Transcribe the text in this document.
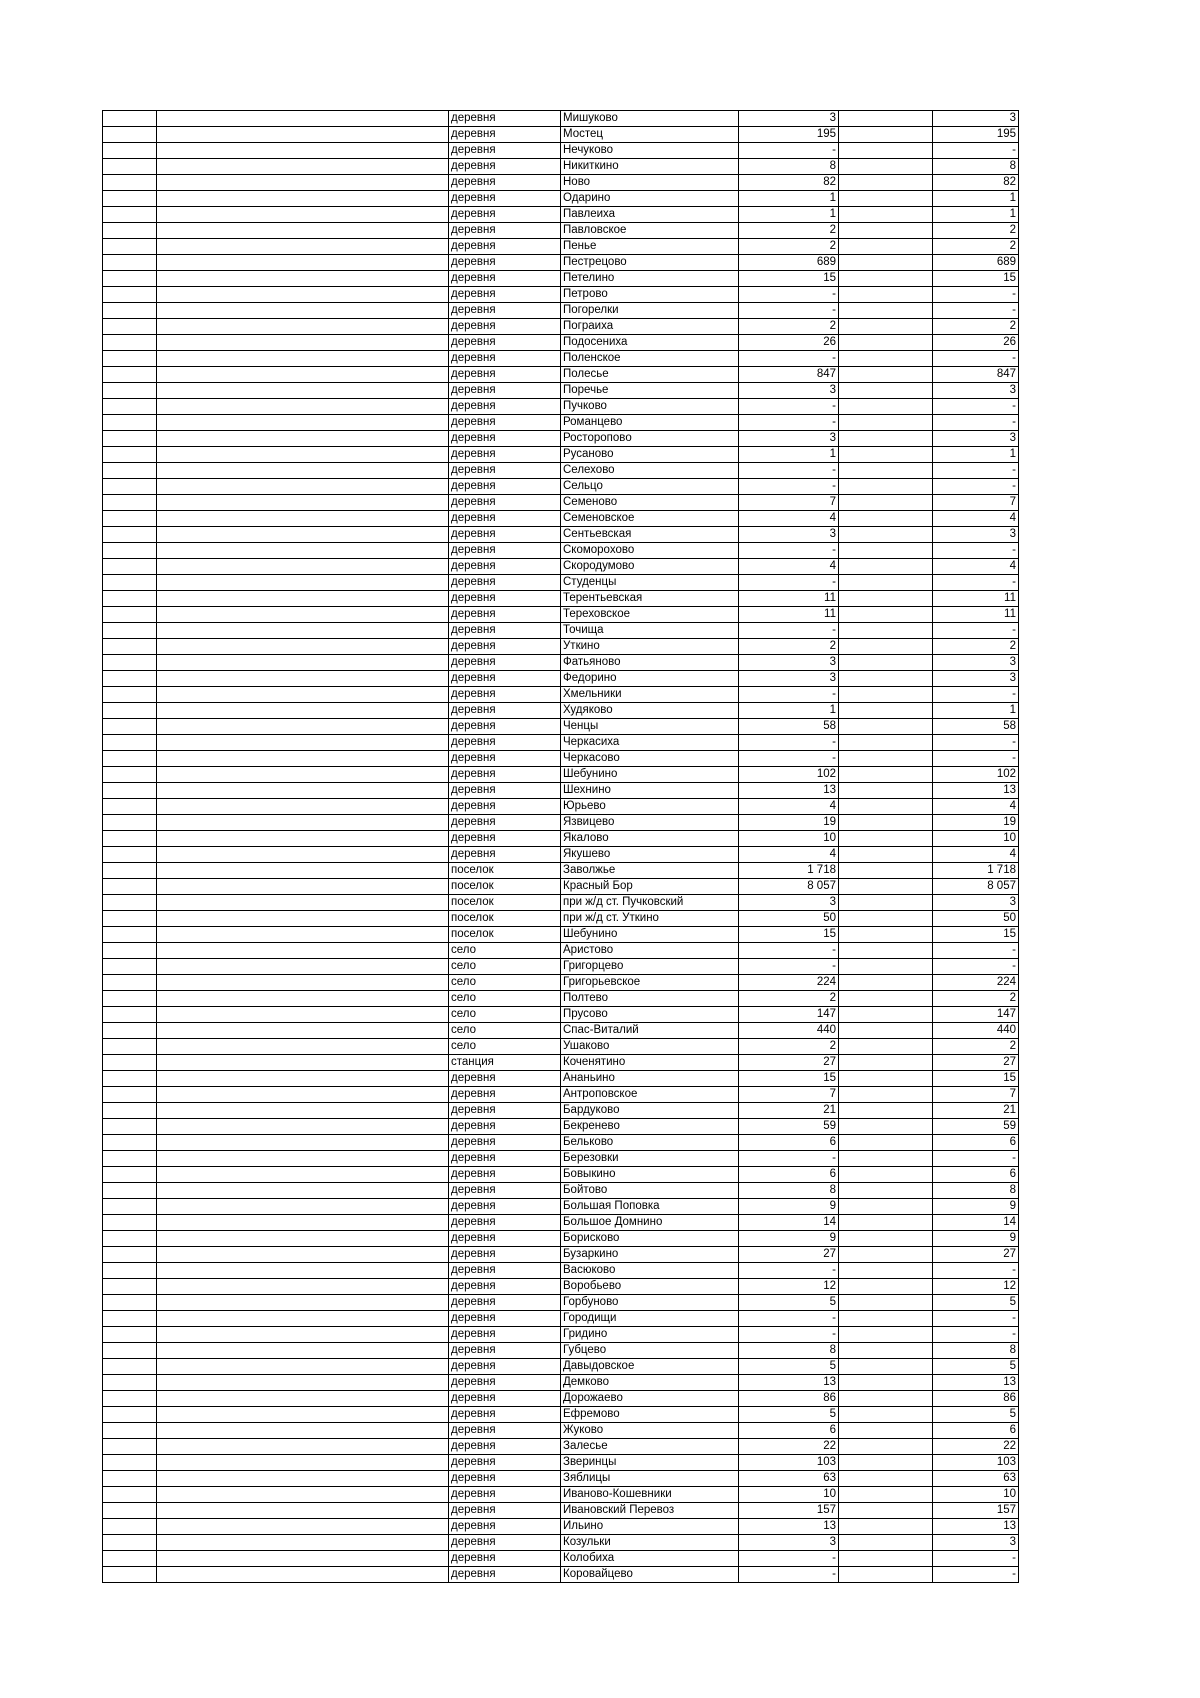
		деревня	Мишуково	3		3
		деревня	Мостец	195		195
		деревня	Нечуково	-		-
		деревня	Никиткино	8		8
		деревня	Ново	82		82
		деревня	Одарино	1		1
		деревня	Павлеиха	1		1
		деревня	Павловское	2		2
		деревня	Пенье	2		2
		деревня	Пестрецово	689		689
		деревня	Петелино	15		15
		деревня	Петрово	-		-
		деревня	Погорелки	-		-
		деревня	Пограиха	2		2
		деревня	Подосениха	26		26
		деревня	Поленское	-		-
		деревня	Полесье	847		847
		деревня	Поречье	3		3
		деревня	Пучково	-		-
		деревня	Романцево	-		-
		деревня	Ростороповo	3		3
		деревня	Русаново	1		1
		деревня	Селехово	-		-
		деревня	Сельцо	-		-
		деревня	Семеново	7		7
		деревня	Семеновское	4		4
		деревня	Сентьевская	3		3
		деревня	Скоморохово	-		-
		деревня	Скородумово	4		4
		деревня	Студенцы	-		-
		деревня	Терентьевская	11		11
		деревня	Тереховское	11		11
		деревня	Точища	-		-
		деревня	Уткино	2		2
		деревня	Фатьяново	3		3
		деревня	Федорино	3		3
		деревня	Хмельники	-		-
		деревня	Худяково	1		1
		деревня	Ченцы	58		58
		деревня	Черкасиха	-		-
		деревня	Черкасово	-		-
		деревня	Шебунино	102		102
		деревня	Шехнино	13		13
		деревня	Юрьево	4		4
		деревня	Язвицево	19		19
		деревня	Якалово	10		10
		деревня	Якушево	4		4
		поселок	Заволжье	1 718		1 718
		поселок	Красный Бор	8 057		8 057
		поселок	при ж/д ст. Пучковский	3		3
		поселок	при ж/д ст. Уткино	50		50
		поселок	Шебунино	15		15
		село	Аристово	-		-
		село	Григорцево	-		-
		село	Григорьевское	224		224
		село	Полтево	2		2
		село	Прусово	147		147
		село	Спас-Виталий	440		440
		село	Ушаково	2		2
		станция	Коченятино	27		27
		деревня	Ананьино	15		15
		деревня	Антроповское	7		7
		деревня	Бардуково	21		21
		деревня	Бекренево	59		59
		деревня	Бельково	6		6
		деревня	Березовки	-		-
		деревня	Бовыкино	6		6
		деревня	Бойтово	8		8
		деревня	Большая Поповка	9		9
		деревня	Большое Домнино	14		14
		деревня	Борисково	9		9
		деревня	Бузаркино	27		27
		деревня	Васюково	-		-
		деревня	Воробьево	12		12
		деревня	Горбуново	5		5
		деревня	Городищи	-		-
		деревня	Гридино	-		-
		деревня	Губцево	8		8
		деревня	Давыдовское	5		5
		деревня	Демково	13		13
		деревня	Дорожаево	86		86
		деревня	Ефремово	5		5
		деревня	Жуково	6		6
		деревня	Залесье	22		22
		деревня	Зверинцы	103		103
		деревня	Зяблицы	63		63
		деревня	Иваново-Кошевники	10		10
		деревня	Ивановский Перевоз	157		157
		деревня	Ильино	13		13
		деревня	Козульки	3		3
		деревня	Колобиха	-		-
		деревня	Коровайцево	-		-
